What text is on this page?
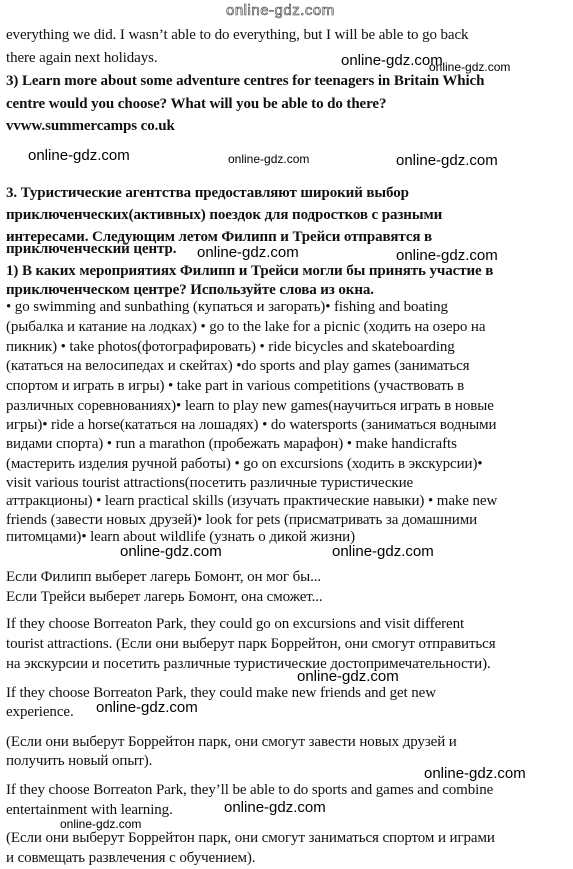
online-gdz.com
everything we did. I wasn’t able to do everything, but I will be able to go back
there again next holidays.
3) Learn more about some adventure centres for teenagers in Britain Which
centre would you choose? What will you be able to do there?
vvww.summercamps co.uk
3. Туристические агентства предоставляют широкий выбор
приключенческих(активных) поездок для подростков с разными
интересами. Следующим летом Филипп и Трейси отправятся в
приключенческий центр.
1) В каких мероприятиях Филипп и Трейси могли бы принять участие в
приключенческом центре? Используйте слова из окна.
• go swimming and sunbathing (купаться и загорать)• fishing and boating
(рыбалка и катание на лодках) • go to the lake for a picnic (ходить на озеро на
пикник) • take photos(фотографировать) • ride bicycles and skateboarding
(кататься на велосипедах и скейтах) •do sports and play games (заниматься
спортом и играть в игры) • take part in various competitions (участвовать в
различных соревнованиях)• learn to play new games(научиться играть в новые
игры)• ride a horse(кататься на лошадях) • do watersports (заниматься водными
видами спорта) • run a marathon (пробежать марафон) • make handicrafts
(мастерить изделия ручной работы) • go on excursions (ходить в экскурсии)•
visit various tourist attractions(посетить различные туристические
аттракционы) • learn practical skills (изучать практические навыки) • make new
friends (завести новых друзей)• look for pets (присматривать за домашними
питомцами)• learn about wildlife (узнать о дикой жизни)
Если Филипп выберет лагерь Бомонт, он мог бы...
Если Трейси выберет лагерь Бомонт, она сможет...
If they choose Borreaton Park, they could go on excursions and visit different
tourist attractions. (Если они выберут парк Боррейтон, они смогут отправиться
на экскурсии и посетить различные туристические достопримечательности).
If they choose Borreaton Park, they could make new friends and get new
experience.
(Если они выберут Боррейтон парк, они смогут завести новых друзей и
получить новый опыт).
If they choose Borreaton Park, they’ll be able to do sports and games and combine
entertainment with learning.
(Если они выберут Боррейтон парк, они смогут заниматься спортом и играми
и совмещать развлечения с обучением).
online-gdz.com
online-gdz.com
online-gdz.com	online-gdz.com	online-gdz.com
online-gdz.com	online-gdz.com
online-gdz.com	online-gdz.com
online-gdz.com
online-gdz.com
online-gdz.com
online-gdz.com
online-gdz.com
